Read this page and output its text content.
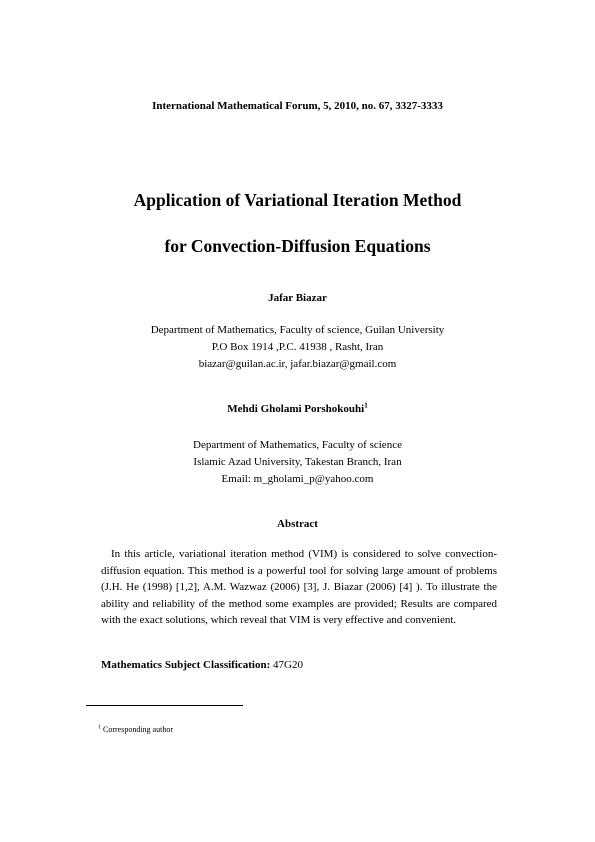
International Mathematical Forum, 5, 2010, no. 67, 3327-3333
Application of Variational Iteration Method
for Convection-Diffusion Equations
Jafar Biazar
Department of Mathematics, Faculty of science, Guilan University
P.O Box 1914 ,P.C. 41938 , Rasht, Iran
biazar@guilan.ac.ir, jafar.biazar@gmail.com
Mehdi Gholami Porshokouhi$^1$
Department of Mathematics, Faculty of science
Islamic Azad University, Takestan Branch, Iran
Email: m_gholami_p@yahoo.com
Abstract
In this article, variational iteration method (VIM) is considered to solve convection-diffusion equation. This method is a powerful tool for solving large amount of problems (J.H. He (1998) [1,2], A.M. Wazwaz (2006) [3], J. Biazar (2006) [4] ). To illustrate the ability and reliability of the method some examples are provided; Results are compared with the exact solutions, which reveal that VIM is very effective and convenient.
Mathematics Subject Classification: 47G20
$^1$ Corresponding author
